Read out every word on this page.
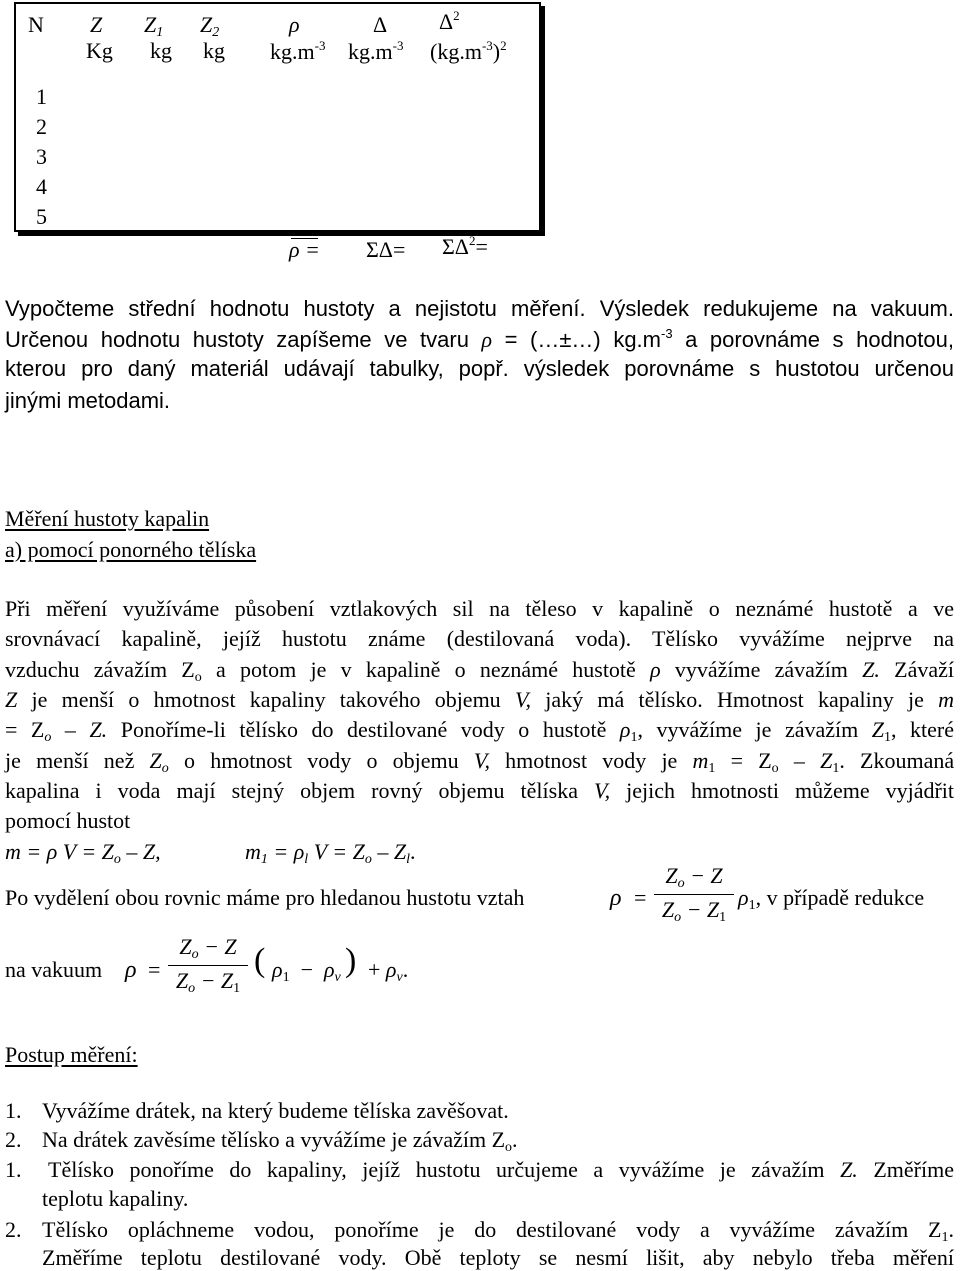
N Z $Z_1$ $Z_2$	ρ	Δ $\Delta^2$
Kg kg kg $kg.m^{-3}$ $kg.m^{-3}$ $(kg.m^{-3})^2$
1
2
3
4
5
$\rho = \Sigma\Delta= \Sigma\Delta^2=$
Vypočteme střední hodnotu hustoty a nejistotu měření. Výsledek redukujeme na vakuum.
Určenou hodnotu hustoty zapíšeme ve tvaru ρ = (…±…) $kg.m^{-3}$ a porovnáme s hodnotou,
kterou pro daný materiál udávají tabulky, popř. výsledek porovnáme s hustotou určenou
jinými metodami.
Měření hustoty kapalin
a) pomocí ponorného tělíska
Při měření využíváme působení vztlakových sil na těleso v kapalině o neznámé hustotě a ve
srovnávací kapalině, jejíž hustotu známe (destilovaná voda). Tělísko vyvážíme nejprve na
vzduchu závažím $Z_o$ a potom je v kapalině o neznámé hustotě ρ vyvážíme závažím Z. Závaží
Z je menší o hmotnost kapaliny takového objemu V, jaký má tělísko. Hmotnost kapaliny je m
= $Z_o$ – Z. Ponoříme-li tělísko do destilované vody o hustotě $\rho_1$, vyvážíme je závažím $Z_1$, které
je menší než $Z_o$ o hmotnost vody o objemu V, hmotnost vody je $m_1 = Z_o - Z_1$. Zkoumaná
kapalina i voda mají stejný objem rovný objemu tělíska V, jejich hmotnosti můžeme vyjádřit
pomocí hustot
m = ρ $V = Z_o - Z$,	$m_1 = \rho_l$ $V = Z_o - Z_l$.
Po vydělení obou rovnic máme pro hledanou hustotu vztah	ρ =
$Z_o - Z$
$Z_o - Z_1$
$\rho_1$, v případě redukce
na vakuum ρ =
$Z_o - Z$
$Z_o - Z_1$
( $\rho_1 - \rho_v$ ) + $\rho_v$.
Postup měření:
1. Vyvážíme drátek, na který budeme tělíska zavěšovat.
2. Na drátek zavěsíme tělísko a vyvážíme je závažím $Z_o$.
1. Tělísko ponoříme do kapaliny, jejíž hustotu určujeme a vyvážíme je závažím Z. Změříme
teplotu kapaliny.
2. Tělísko opláchneme vodou, ponoříme je do destilované vody a vyvážíme závažím $Z_1$.
Změříme teplotu destilované vody. Obě teploty se nesmí lišit, aby nebylo třeba měření
